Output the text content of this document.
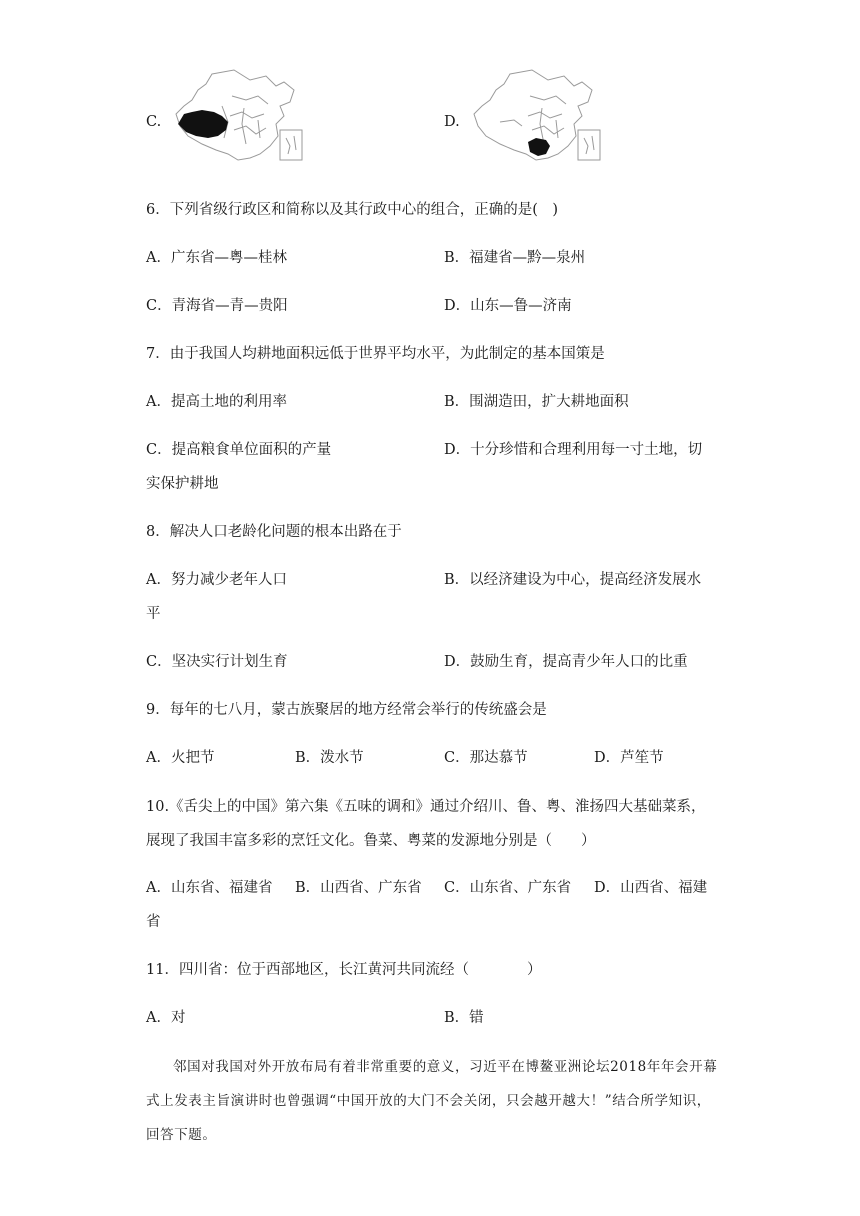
C.	D.
6．下列省级行政区和简称以及其行政中心的组合，正确的是(　)
A．广东省—粤—桂林	B．福建省—黔—泉州
C．青海省—青—贵阳	D．山东—鲁—济南
7．由于我国人均耕地面积远低于世界平均水平，为此制定的基本国策是
A．提高土地的利用率	B．围湖造田，扩大耕地面积
C．提高粮食单位面积的产量	D．十分珍惜和合理利用每一寸土地，切
实保护耕地
8．解决人口老龄化问题的根本出路在于
A．努力减少老年人口	B．以经济建设为中心，提高经济发展水
平
C．坚决实行计划生育	D．鼓励生育，提高青少年人口的比重
9．每年的七八月，蒙古族聚居的地方经常会举行的传统盛会是
A．火把节	B．泼水节	C．那达慕节	D．芦笙节
10.《舌尖上的中国》第六集《五味的调和》通过介绍川、鲁、粤、淮扬四大基础菜系，展现了我国丰富多彩的烹饪文化。鲁菜、粤菜的发源地分别是（　　）
A．山东省、福建省 B．山西省、广东省 C．山东省、广东省 D．山西省、福建
省
11．四川省：位于西部地区，长江黄河共同流经（　　　　）
A．对	B．错
邻国对我国对外开放布局有着非常重要的意义，习近平在博鳌亚洲论坛2018年年会开幕式上发表主旨演讲时也曾强调“中国开放的大门不会关闭，只会越开越大！”结合所学知识，回答下题。
